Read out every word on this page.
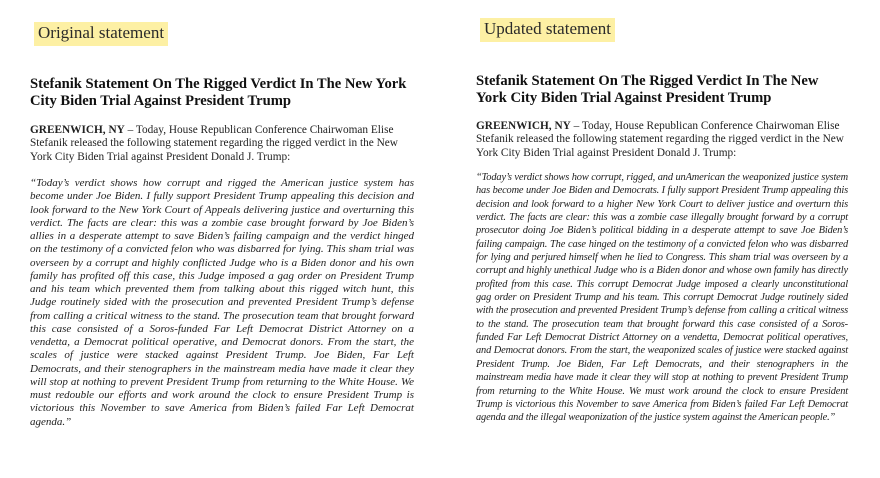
Original statement
Stefanik Statement On The Rigged Verdict In The New York City Biden Trial Against President Trump

GREENWICH, NY – Today, House Republican Conference Chairwoman Elise Stefanik released the following statement regarding the rigged verdict in the New York City Biden Trial against President Donald J. Trump:

“Today’s verdict shows how corrupt and rigged the American justice system has become under Joe Biden. I fully support President Trump appealing this decision and look forward to the New York Court of Appeals delivering justice and overturning this verdict. The facts are clear: this was a zombie case brought forward by Joe Biden’s allies in a desperate attempt to save Biden’s failing campaign and the verdict hinged on the testimony of a convicted felon who was disbarred for lying. This sham trial was overseen by a corrupt and highly conflicted Judge who is a Biden donor and his own family has profited off this case, this Judge imposed a gag order on President Trump and his team which prevented them from talking about this rigged witch hunt, this Judge routinely sided with the prosecution and prevented President Trump’s defense from calling a critical witness to the stand. The prosecution team that brought forward this case consisted of a Soros-funded Far Left Democrat District Attorney on a vendetta, a Democrat political operative, and Democrat donors. From the start, the scales of justice were stacked against President Trump. Joe Biden, Far Left Democrats, and their stenographers in the mainstream media have made it clear they will stop at nothing to prevent President Trump from returning to the White House. We must redouble our efforts and work around the clock to ensure President Trump is victorious this November to save America from Biden’s failed Far Left Democrat agenda.”

Updated statement
Stefanik Statement On The Rigged Verdict In The New York City Biden Trial Against President Trump

GREENWICH, NY – Today, House Republican Conference Chairwoman Elise Stefanik released the following statement regarding the rigged verdict in the New York City Biden Trial against President Donald J. Trump:

“Today’s verdict shows how corrupt, rigged, and unAmerican the weaponized justice system has become under Joe Biden and Democrats. I fully support President Trump appealing this decision and look forward to a higher New York Court to deliver justice and overturn this verdict. The facts are clear: this was a zombie case illegally brought forward by a corrupt prosecutor doing Joe Biden’s political bidding in a desperate attempt to save Joe Biden’s failing campaign. The case hinged on the testimony of a convicted felon who was disbarred for lying and perjured himself when he lied to Congress. This sham trial was overseen by a corrupt and highly unethical Judge who is a Biden donor and whose own family has directly profited from this case. This corrupt Democrat Judge imposed a clearly unconstitutional gag order on President Trump and his team. This corrupt Democrat Judge routinely sided with the prosecution and prevented President Trump’s defense from calling a critical witness to the stand. The prosecution team that brought forward this case consisted of a Soros-funded Far Left Democrat District Attorney on a vendetta, Democrat political operatives, and Democrat donors. From the start, the weaponized scales of justice were stacked against President Trump. Joe Biden, Far Left Democrats, and their stenographers in the mainstream media have made it clear they will stop at nothing to prevent President Trump from returning to the White House. We must work around the clock to ensure President Trump is victorious this November to save America from Biden’s failed Far Left Democrat agenda and the illegal weaponization of the justice system against the American people.”
